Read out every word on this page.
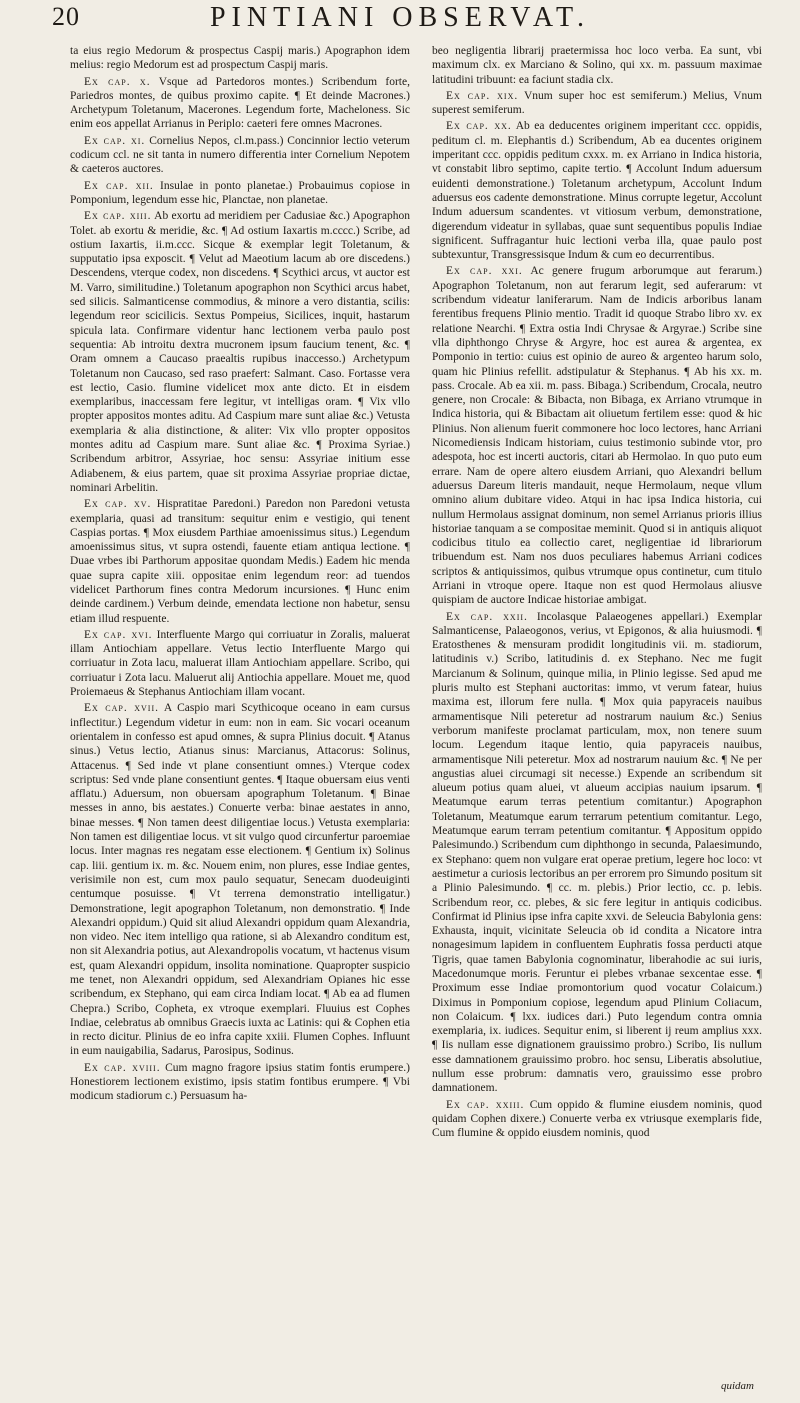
20	PINTIANI OBSERVAT.

ta eius regio Medorum & prospectus Caspij maris.) Apographon idem melius: regio Medorum est ad prospectum Caspij maris.

Ex cap. x. Vsque ad Partedoros montes.) Scribendum forte, Pariedros montes, de quibus proximo capite. ¶ Et deinde Macrones.) Archetypum Toletanum, Macerones. Legendum forte, Macheloness. Sic enim eos appellat Arrianus in Periplo: caeteri fere omnes Macrones.

Ex cap. xi. Cornelius Nepos, cl.m.pass.) Concinnior lectio veterum codicum ccl. ne sit tanta in numero differentia inter Cornelium Nepotem & caeteros auctores.

Ex cap. xii. Insulae in ponto planetae.) Probauimus copiose in Pomponium, legendum esse hic, Planctae, non planetae.

Ex cap. xiii. Ab exortu ad meridiem per Cadusiae &c.) Apographon Tolet. ab exortu & meridie, &c. ¶ Ad ostium Iaxartis m.cccc.) Scribe, ad ostium Iaxartis, ii.m.ccc. Sicque & exemplar legit Toletanum, & supputatio ipsa exposcit. ¶ Velut ad Maeotium lacum ab ore discedens.) Descendens, vterque codex, non discedens. ¶ Scythici arcus, vt auctor est M. Varro, similitudine.) Toletanum apographon non Scythici arcus habet, sed silicis. Salmanticense commodius, & minore a vero distantia, scilis: legendum reor scicilicis. Sextus Pompeius, Sicilices, inquit, hastarum spicula lata. Confirmare videntur hanc lectionem verba paulo post sequentia: Ab introitu dextra mucronem ipsum faucium tenent, &c. ¶ Oram omnem a Caucaso praealtis rupibus inaccesso.) Archetypum Toletanum non Caucaso, sed raso praefert: Salmant. Caso. Fortasse vera est lectio, Casio. flumine videlicet mox ante dicto. Et in eisdem exemplaribus, inaccessam fere legitur, vt intelligas oram. ¶ Vix vllo propter appositos montes aditu. Ad Caspium mare sunt aliae &c.) Vetusta exemplaria & alia distinctione, & aliter: Vix vllo propter oppositos montes aditu ad Caspium mare. Sunt aliae &c. ¶ Proxima Syriae.) Scribendum arbitror, Assyriae, hoc sensu: Assyriae initium esse Adiabenem, & eius partem, quae sit proxima Assyriae propriae dictae, nominari Arbelitin.

Ex cap. xv. Hispratitae Paredoni.) Paredon non Paredoni vetusta exemplaria, quasi ad transitum: sequitur enim e vestigio, qui tenent Caspias portas. ¶ Mox eiusdem Parthiae amoenissimus situs.) Legendum amoenissimus situs, vt supra ostendi, fauente etiam antiqua lectione. ¶ Duae vrbes ibi Parthorum appositae quondam Medis.) Eadem hic menda quae supra capite xiii. oppositae enim legendum reor: ad tuendos videlicet Parthorum fines contra Medorum incursiones. ¶ Hunc enim deinde cardinem.) Verbum deinde, emendata lectione non habetur, sensu etiam illud respuente.

Ex cap. xvi. Interfluente Margo qui corriuatur in Zoralis, maluerat illam Antiochiam appellare. Vetus lectio Interfluente Margo qui corriuatur in Zota lacu, maluerat illam Antiochiam appellare. Scribo, qui corriuatur i Zota lacu. Maluerut alij Antiochia appellare. Mouet me, quod Proiemaeus & Stephanus Antiochiam illam vocant.

Ex cap. xvii. A Caspio mari Scythicoque oceano in eam cursus inflectitur.) Legendum videtur in eum: non in eam. Sic vocari oceanum orientalem in confesso est apud omnes, & supra Plinius docuit. ¶ Atanus sinus.) Vetus lectio, Atianus sinus: Marcianus, Attacorus: Solinus, Attacenus. ¶ Sed inde vt plane consentiunt omnes.) Vterque codex scriptus: Sed vnde plane consentiunt gentes. ¶ Itaque obuersam eius venti afflatu.) Aduersum, non obuersam apographum Toletanum. ¶ Binae messes in anno, bis aestates.) Conuerte verba: binae aestates in anno, binae messes. ¶ Non tamen deest diligentiae locus.) Vetusta exemplaria: Non tamen est diligentiae locus. vt sit vulgo quod circunfertur paroemiae locus. Inter magnas res negatam esse electionem. ¶ Gentium ix) Solinus cap. liii. gentium ix. m. &c. Nouem enim, non plures, esse Indiae gentes, verisimile non est, cum mox paulo sequatur, Senecam duodeuiginti centumque posuisse. ¶ Vt terrena demonstratio intelligatur.) Demonstratione, legit apographon Toletanum, non demonstratio. ¶ Inde Alexandri oppidum.) Quid sit aliud Alexandri oppidum quam Alexandria, non video. Nec item intelligo qua ratione, si ab Alexandro conditum est, non sit Alexandria potius, aut Alexandropolis vocatum, vt hactenus visum est, quam Alexandri oppidum, insolita nominatione. Quapropter suspicio me tenet, non Alexandri oppidum, sed Alexandriam Opianes hic esse scribendum, ex Stephano, qui eam circa Indiam locat. ¶ Ab ea ad flumen Chepra.) Scribo, Copheta, ex vtroque exemplari. Fluuius est Cophes Indiae, celebratus ab omnibus Graecis iuxta ac Latinis: qui & Cophen etia in recto dicitur. Plinius de eo infra capite xxiii. Flumen Cophes. Influunt in eum nauigabilia, Sadarus, Parosipus, Sodinus.

Ex cap. xviii. Cum magno fragore ipsius statim fontis erumpere.) Honestiorem lectionem existimo, ipsis statim fontibus erumpere. ¶ Vbi modicum stadiorum c.) Persuasum ha-

beo negligentia librarij praetermissa hoc loco verba. Ea sunt, vbi maximum clx. ex Marciano & Solino, qui xx. m. passuum maximae latitudini tribuunt: ea faciunt stadia clx.

Ex cap. xix. Vnum super hoc est semiferum.) Melius, Vnum superest semiferum.

Ex cap. xx. Ab ea deducentes originem imperitant ccc. oppidis, peditum cl. m. Elephantis d.) Scribendum, Ab ea ducentes originem imperitant ccc. oppidis peditum cxxx. m. ex Arriano in Indica historia, vt constabit libro septimo, capite tertio. ¶ Accolunt Indum aduersum euidenti demonstratione.) Toletanum archetypum, Accolunt Indum aduersus eos cadente demonstratione. Minus corrupte legetur, Accolunt Indum aduersum scandentes. vt vitiosum verbum, demonstratione, digerendum videatur in syllabas, quae sunt sequentibus populis Indiae significent. Suffragantur huic lectioni verba illa, quae paulo post subtexuntur, Transgressisque Indum & cum eo decurrentibus.

Ex cap. xxi. Ac genere frugum arborumque aut ferarum.) Apographon Toletanum, non aut ferarum legit, sed auferarum: vt scribendum videatur laniferarum. Nam de Indicis arboribus lanam ferentibus frequens Plinio mentio. Tradit id quoque Strabo libro xv. ex relatione Nearchi. ¶ Extra ostia Indi Chrysae & Argyrae.) Scribe sine vlla diphthongo Chryse & Argyre, hoc est aurea & argentea, ex Pomponio in tertio: cuius est opinio de aureo & argenteo harum solo, quam hic Plinius refellit. adstipulatur & Stephanus. ¶ Ab his xx. m. pass. Crocale. Ab ea xii. m. pass. Bibaga.) Scribendum, Crocala, neutro genere, non Crocale: & Bibacta, non Bibaga, ex Arriano vtrumque in Indica historia, qui & Bibactam ait oliuetum fertilem esse: quod & hic Plinius. Non alienum fuerit commonere hoc loco lectores, hanc Arriani Nicomediensis Indicam historiam, cuius testimonio subinde vtor, pro adespota, hoc est incerti auctoris, citari ab Hermolao. In quo puto eum errare. Nam de opere altero eiusdem Arriani, quo Alexandri bellum aduersus Dareum literis mandauit, neque Hermolaum, neque vllum omnino alium dubitare video. Atqui in hac ipsa Indica historia, cui nullum Hermolaus assignat dominum, non semel Arrianus prioris illius historiae tanquam a se compositae meminit. Quod si in antiquis aliquot codicibus titulo ea collectio caret, negligentiae id librariorum tribuendum est. Nam nos duos peculiares habemus Arriani codices scriptos & antiquissimos, quibus vtrumque opus continetur, cum titulo Arriani in vtroque opere. Itaque non est quod Hermolaus aliusve quispiam de auctore Indicae historiae ambigat.

Ex cap. xxii. Incolasque Palaeogenes appellari.) Exemplar Salmanticense, Palaeogonos, verius, vt Epigonos, & alia huiusmodi. ¶ Eratosthenes & mensuram prodidit longitudinis vii. m. stadiorum, latitudinis v.) Scribo, latitudinis d. ex Stephano. Nec me fugit Marcianum & Solinum, quinque milia, in Plinio legisse. Sed apud me pluris multo est Stephani auctoritas: immo, vt verum fatear, huius maxima est, illorum fere nulla. ¶ Mox quia papyraceis nauibus armamentisque Nili peteretur ad nostrarum nauium &c.) Senius verborum manifeste proclamat particulam, mox, non tenere suum locum. Legendum itaque lentio, quia papyraceis nauibus, armamentisque Nili peteretur. Mox ad nostrarum nauium &c. ¶ Ne per angustias aluei circumagi sit necesse.) Expende an scribendum sit alueum potius quam aluei, vt alueum accipias nauium ipsarum. ¶ Meatumque earum terras petentium comitantur.) Apographon Toletanum, Meatumque earum terrarum petentium comitantur. Lego, Meatumque earum terram petentium comitantur. ¶ Appositum oppido Palesimundo.) Scribendum cum diphthongo in secunda, Palaesimundo, ex Stephano: quem non vulgare erat operae pretium, legere hoc loco: vt aestimetur a curiosis lectoribus an per errorem pro Simundo positum sit a Plinio Palesimundo. ¶ cc. m. plebis.) Prior lectio, cc. p. lebis. Scribendum reor, cc. plebes, & sic fere legitur in antiquis codicibus. Confirmat id Plinius ipse infra capite xxvi. de Seleucia Babylonia gens: Exhausta, inquit, vicinitate Seleucia ob id condita a Nicatore intra nonagesimum lapidem in confluentem Euphratis fossa perducti atque Tigris, quae tamen Babylonia cognominatur, liberahodie ac sui iuris, Macedonumque moris. Feruntur ei plebes vrbanae sexcentae esse. ¶ Proximum esse Indiae promontorium quod vocatur Colaicum.) Diximus in Pomponium copiose, legendum apud Plinium Coliacum, non Colaicum. ¶ lxx. iudices dari.) Puto legendum contra omnia exemplaria, ix. iudices. Sequitur enim, si liberent ij reum amplius xxx. ¶ Iis nullam esse dignationem grauissimo probro.) Scribo, Iis nullum esse damnationem grauissimo probro. hoc sensu, Liberatis absolutiue, nullum esse probrum: damnatis vero, grauissimo esse probro damnationem.

Ex cap. xxiii. Cum oppido & flumine eiusdem nominis, quod quidam Cophen dixere.) Conuerte verba ex vtriusque exemplaris fide, Cum flumine & oppido eiusdem nominis, quod

quidam
